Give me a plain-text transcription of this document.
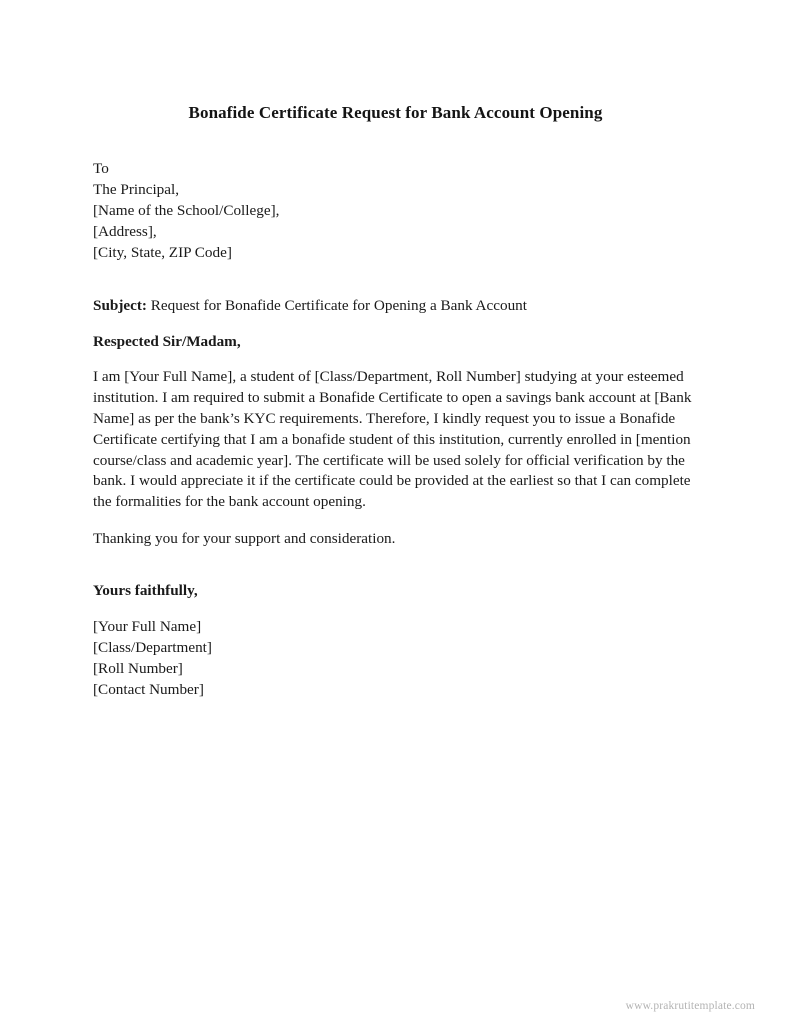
Bonafide Certificate Request for Bank Account Opening
To
The Principal,
[Name of the School/College],
[Address],
[City, State, ZIP Code]

Subject: Request for Bonafide Certificate for Opening a Bank Account

Respected Sir/Madam,

I am [Your Full Name], a student of [Class/Department, Roll Number] studying at your esteemed institution. I am required to submit a Bonafide Certificate to open a savings bank account at [Bank Name] as per the bank’s KYC requirements. Therefore, I kindly request you to issue a Bonafide Certificate certifying that I am a bonafide student of this institution, currently enrolled in [mention course/class and academic year]. The certificate will be used solely for official verification by the bank. I would appreciate it if the certificate could be provided at the earliest so that I can complete the formalities for the bank account opening.

Thanking you for your support and consideration.

Yours faithfully,

[Your Full Name]
[Class/Department]
[Roll Number]
[Contact Number]
www.prakrutitemplate.com
